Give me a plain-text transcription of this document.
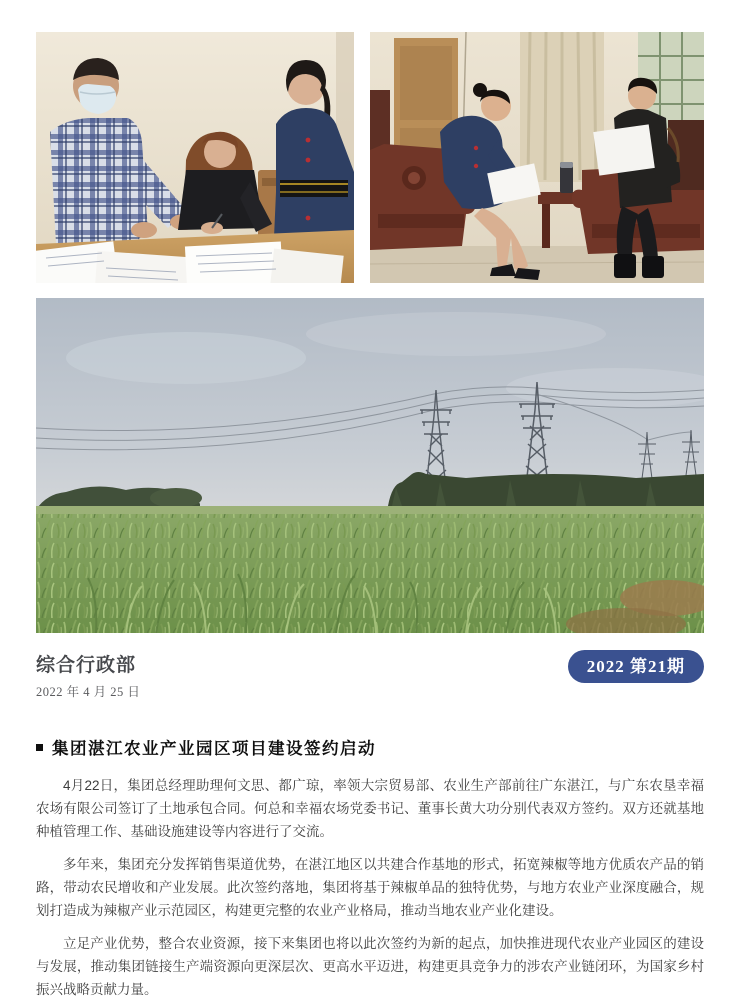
综合行政部
2022 年 4 月 25 日
2022 第21期
集团湛江农业产业园区项目建设签约启动

4月22日，集团总经理助理何文思、都广琼，率领大宗贸易部、农业生产部前往广东湛江，与广东农垦幸福农场有限公司签订了土地承包合同。何总和幸福农场党委书记、董事长黄大功分别代表双方签约。双方还就基地种植管理工作、基础设施建设等内容进行了交流。

多年来，集团充分发挥销售渠道优势，在湛江地区以共建合作基地的形式，拓宽辣椒等地方优质农产品的销路，带动农民增收和产业发展。此次签约落地，集团将基于辣椒单品的独特优势，与地方农业产业深度融合，规划打造成为辣椒产业示范园区，构建更完整的农业产业格局，推动当地农业产业化建设。

立足产业优势，整合农业资源，接下来集团也将以此次签约为新的起点，加快推进现代农业产业园区的建设与发展，推动集团链接生产端资源向更深层次、更高水平迈进，构建更具竞争力的涉农产业链闭环，为国家乡村振兴战略贡献力量。
